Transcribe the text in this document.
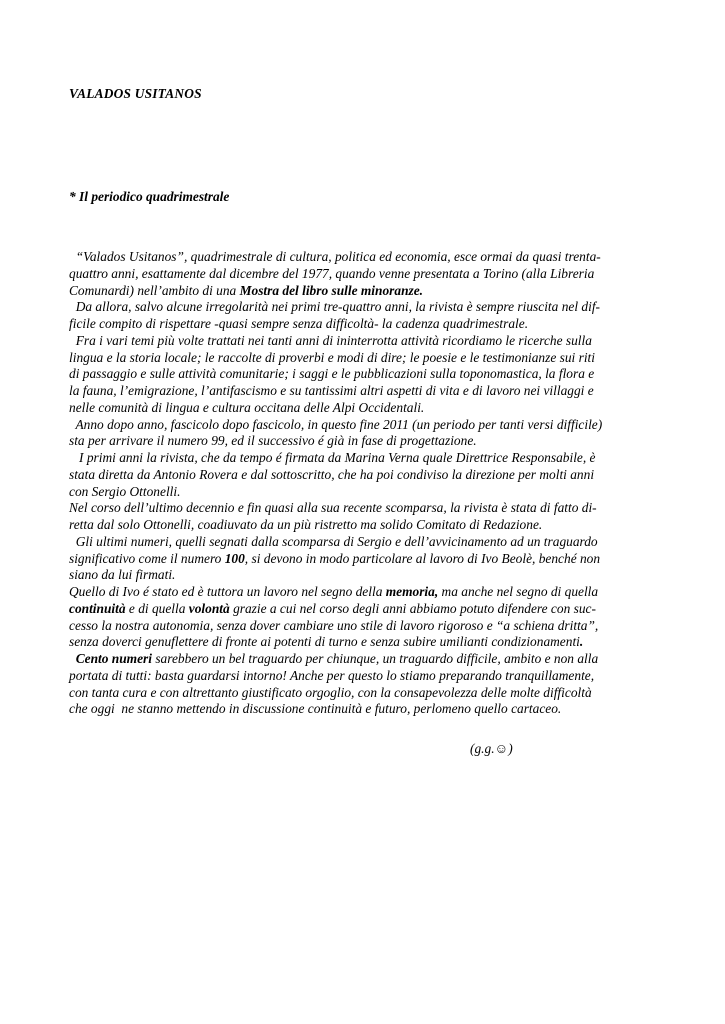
VALADOS USITANOS

* Il periodico quadrimestrale

“Valados Usitanos”, quadrimestrale di cultura, politica ed economia, esce ormai da quasi trenta-
quattro anni, esattamente dal dicembre del 1977, quando venne presentata a Torino (alla Libreria
Comunardi) nell’ambito di una Mostra del libro sulle minoranze.
Da allora, salvo alcune irregolarità nei primi tre-quattro anni, la rivista è sempre riuscita nel dif-
ficile compito di rispettare -quasi sempre senza difficoltà- la cadenza quadrimestrale.
Fra i vari temi più volte trattati nei tanti anni di ininterrotta attività ricordiamo le ricerche sulla
lingua e la storia locale; le raccolte di proverbi e modi di dire; le poesie e le testimonianze sui riti
di passaggio e sulle attività comunitarie; i saggi e le pubblicazioni sulla toponomastica, la flora e
la fauna, l’emigrazione, l’antifascismo e su tantissimi altri aspetti di vita e di lavoro nei villaggi e
nelle comunità di lingua e cultura occitana delle Alpi Occidentali.
Anno dopo anno, fascicolo dopo fascicolo, in questo fine 2011 (un periodo per tanti versi difficile)
sta per arrivare il numero 99, ed il successivo é già in fase di progettazione.
I primi anni la rivista, che da tempo é firmata da Marina Verna quale Direttrice Responsabile, è
stata diretta da Antonio Rovera e dal sottoscritto, che ha poi condiviso la direzione per molti anni
con Sergio Ottonelli.
Nel corso dell’ultimo decennio e fin quasi alla sua recente scomparsa, la rivista è stata di fatto di-
retta dal solo Ottonelli, coadiuvato da un più ristretto ma solido Comitato di Redazione.
Gli ultimi numeri, quelli segnati dalla scomparsa di Sergio e dell’avvicinamento ad un traguardo
significativo come il numero 100, si devono in modo particolare al lavoro di Ivo Beolè, benché non
siano da lui firmati.
Quello di Ivo é stato ed è tuttora un lavoro nel segno della memoria, ma anche nel segno di quella
continuità e di quella volontà grazie a cui nel corso degli anni abbiamo potuto difendere con suc-
cesso la nostra autonomia, senza dover cambiare uno stile di lavoro rigoroso e “a schiena dritta”,
senza doverci genuflettere di fronte ai potenti di turno e senza subire umilianti condizionamenti.
Cento numeri sarebbero un bel traguardo per chiunque, un traguardo difficile, ambito e non alla
portata di tutti: basta guardarsi intorno! Anche per questo lo stiamo preparando tranquillamente,
con tanta cura e con altrettanto giustificato orgoglio, con la consapevolezza delle molte difficoltà
che oggi  ne stanno mettendo in discussione continuità e futuro, perlomeno quello cartaceo.
(g.g.☺)
